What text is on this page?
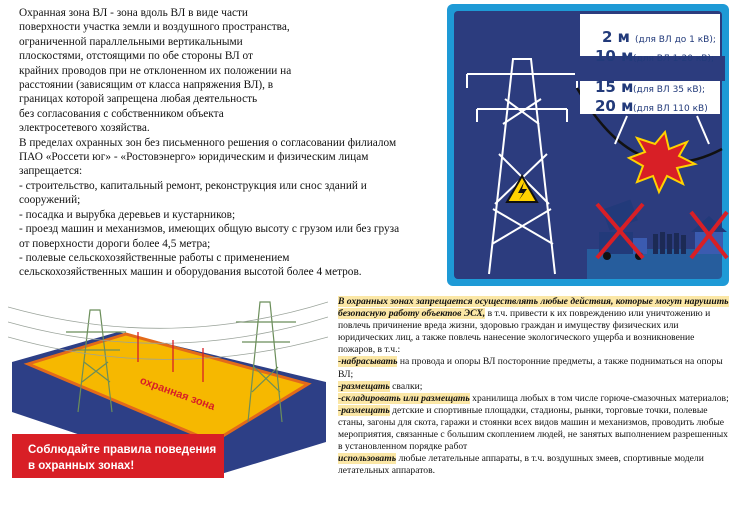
Охранная зона ВЛ - зона вдоль ВЛ в виде части
поверхности участка земли и воздушного пространства,
ограниченной параллельными вертикальными
плоскостями, отстоящими по обе стороны ВЛ от
крайних проводов при не отклоненном их положении на
расстоянии (зависящим от класса напряжения ВЛ), в
границах которой запрещена любая деятельность
без согласования с собственником объекта
электросетевого хозяйства.

В пределах охранных зон без письменного решения о согласовании филиалом
ПАО «Россети юг» - «Ростовэнерго» юридическим и физическим лицам
запрещается:

- строительство, капитальный ремонт, реконструкция или снос зданий и
сооружений;
- посадка и вырубка деревьев и кустарников;
- проезд машин и механизмов, имеющих общую высоту с грузом или без груза
от поверхности дороги более 4,5 метра;
- полевые сельскохозяйственные работы с применением
сельскохозяйственных машин и оборудования высотой более 4 метров.
2 м (для ВЛ до 1 кВ);
10 м (для ВЛ 1-20 кВ);
15 м (для ВЛ 35 кВ);
20 м (для ВЛ 110 кВ)
охранная зона
Соблюдайте правила поведения
в охранных зонах!

В охранных зонах запрещается осуществлять любые действия, которые могут нарушить безопасную работу объектов ЭСХ, в т.ч. привести к их повреждению или уничтожению и повлечь причинение вреда жизни, здоровью граждан и имуществу физических или юридических лиц, а также повлечь нанесение экологического ущерба и возникновение пожаров, в т.ч.:

-набрасывать на провода и опоры ВЛ посторонние предметы, а также подниматься на опоры ВЛ;

-размещать свалки;

-складировать или размещать хранилища любых в том числе горюче-смазочных материалов;

-размещать детские и спортивные площадки, стадионы, рынки, торговые точки, полевые станы, загоны для скота, гаражи и стоянки всех видов машин и механизмов, проводить любые мероприятия, связанные с большим скоплением людей, не занятых выполнением разрешенных в установленном порядке работ

использовать любые летательные аппараты, в т.ч. воздушных змеев, спортивные модели летательных аппаратов.
